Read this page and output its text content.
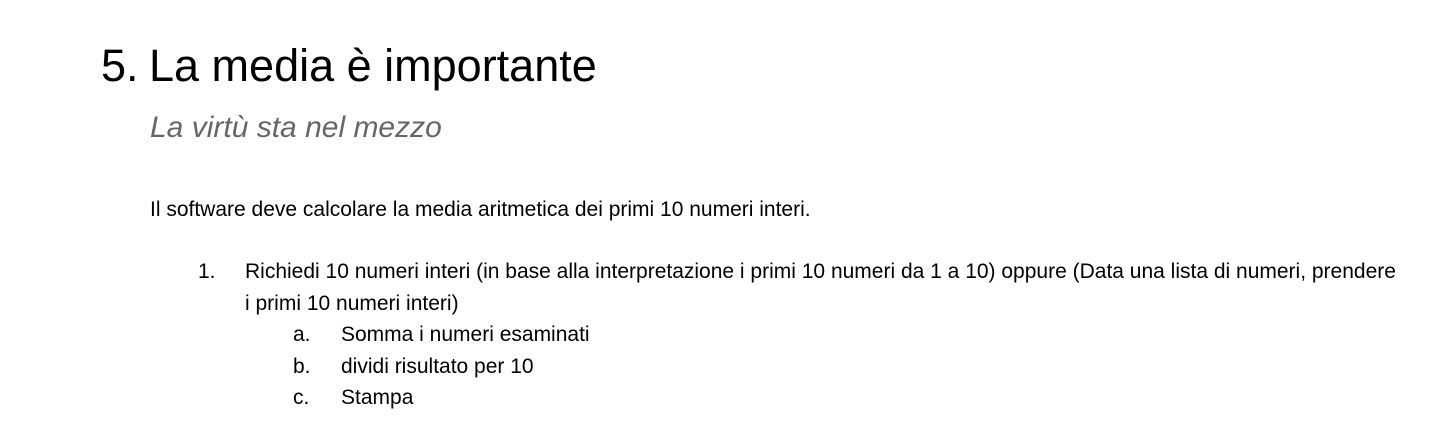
5. La media è importante
La virtù sta nel mezzo
Il software deve calcolare la media aritmetica dei primi 10 numeri interi.
1. Richiedi 10 numeri interi (in base alla interpretazione i primi 10 numeri da 1 a 10) oppure (Data una lista di numeri, prendere i primi 10 numeri interi)
a. Somma i numeri esaminati
b. dividi risultato per 10
c. Stampa
